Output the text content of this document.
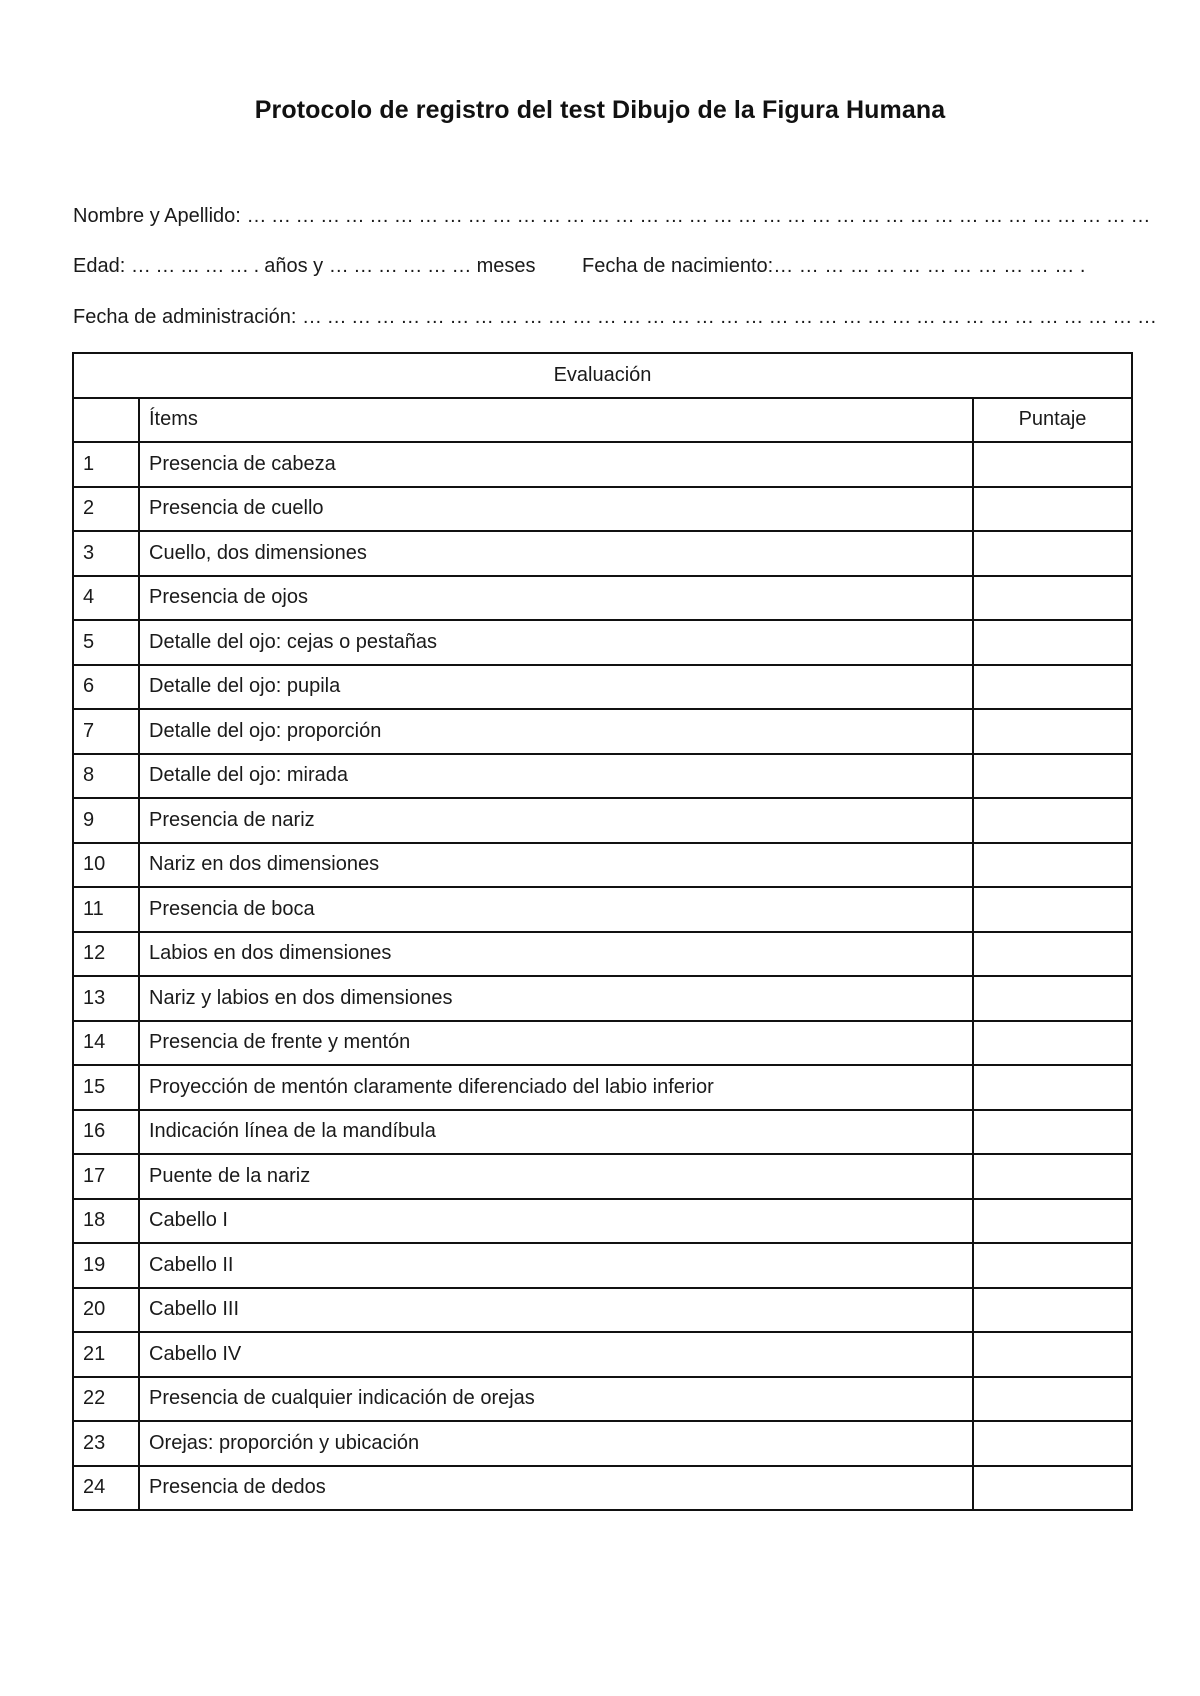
Protocolo de registro del test Dibujo de la Figura Humana
Nombre y Apellido: … … … … … … … … … … … … … … … … … … … … … … … … … … … … … … … … … … … … …
Edad: … … … … … . años y … … … … … … meses Fecha de nacimiento:… … … … … … … … … … … … .
Fecha de administración: … … … … … … … … … … … … … … … … … … … … … … … … … … … … … … … … … … …
Evaluación		
	Ítems	Puntaje
1	Presencia de cabeza	
2	Presencia de cuello	
3	Cuello, dos dimensiones	
4	Presencia de ojos	
5	Detalle del ojo: cejas o pestañas	
6	Detalle del ojo: pupila	
7	Detalle del ojo: proporción	
8	Detalle del ojo: mirada	
9	Presencia de nariz	
10	Nariz en dos dimensiones	
11	Presencia de boca	
12	Labios en dos dimensiones	
13	Nariz y labios en dos dimensiones	
14	Presencia de frente y mentón	
15	Proyección de mentón claramente diferenciado del labio inferior	
16	Indicación línea de la mandíbula	
17	Puente de la nariz	
18	Cabello I	
19	Cabello II	
20	Cabello III	
21	Cabello IV	
22	Presencia de cualquier indicación de orejas	
23	Orejas: proporción y ubicación	
24	Presencia de dedos	
